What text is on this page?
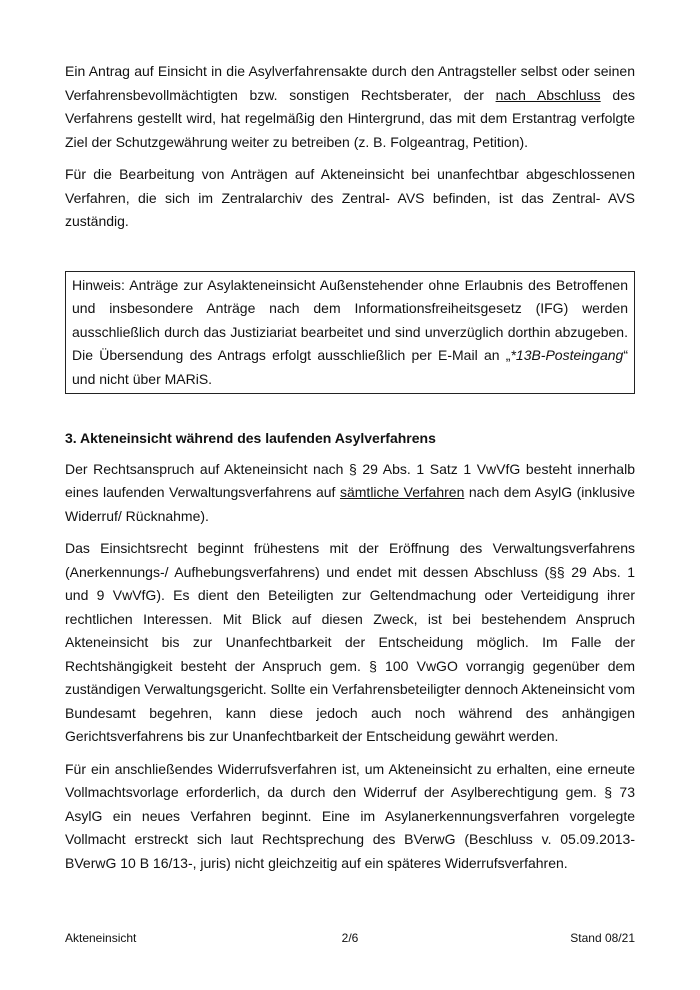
Ein Antrag auf Einsicht in die Asylverfahrensakte durch den Antragsteller selbst oder seinen Verfahrensbevollmächtigten bzw. sonstigen Rechtsberater, der nach Abschluss des Verfahrens gestellt wird, hat regelmäßig den Hintergrund, das mit dem Erstantrag verfolgte Ziel der Schutzgewährung weiter zu betreiben (z. B. Folgeantrag, Petition).

Für die Bearbeitung von Anträgen auf Akteneinsicht bei unanfechtbar abgeschlossenen Verfahren, die sich im Zentralarchiv des Zentral- AVS befinden, ist das Zentral- AVS zuständig.

Hinweis: Anträge zur Asylakteneinsicht Außenstehender ohne Erlaubnis des Betroffenen und insbesondere Anträge nach dem Informationsfreiheitsgesetz (IFG) werden ausschließlich durch das Justiziariat bearbeitet und sind unverzüglich dorthin abzugeben. Die Übersendung des Antrags erfolgt ausschließlich per E-Mail an „*13B-Posteingang“ und nicht über MARiS.

3. Akteneinsicht während des laufenden Asylverfahrens

Der Rechtsanspruch auf Akteneinsicht nach § 29 Abs. 1 Satz 1 VwVfG besteht innerhalb eines laufenden Verwaltungsverfahrens auf sämtliche Verfahren nach dem AsylG (inklusive Widerruf/ Rücknahme).

Das Einsichtsrecht beginnt frühestens mit der Eröffnung des Verwaltungsverfahrens (Anerkennungs-/ Aufhebungsverfahrens) und endet mit dessen Abschluss (§§ 29 Abs. 1 und 9 VwVfG). Es dient den Beteiligten zur Geltendmachung oder Verteidigung ihrer rechtlichen Interessen. Mit Blick auf diesen Zweck, ist bei bestehendem Anspruch Akteneinsicht bis zur Unanfechtbarkeit der Entscheidung möglich. Im Falle der Rechtshängigkeit besteht der Anspruch gem. § 100 VwGO vorrangig gegenüber dem zuständigen Verwaltungsgericht. Sollte ein Verfahrensbeteiligter dennoch Akteneinsicht vom Bundesamt begehren, kann diese jedoch auch noch während des anhängigen Gerichtsverfahrens bis zur Unanfechtbarkeit der Entscheidung gewährt werden.

Für ein anschließendes Widerrufsverfahren ist, um Akteneinsicht zu erhalten, eine erneute Vollmachtsvorlage erforderlich, da durch den Widerruf der Asylberechtigung gem. § 73 AsylG ein neues Verfahren beginnt. Eine im Asylanerkennungsverfahren vorgelegte Vollmacht erstreckt sich laut Rechtsprechung des BVerwG (Beschluss v. 05.09.2013- BVerwG 10 B 16/13-, juris) nicht gleichzeitig auf ein späteres Widerrufsverfahren.

Akteneinsicht	2/6	Stand 08/21
